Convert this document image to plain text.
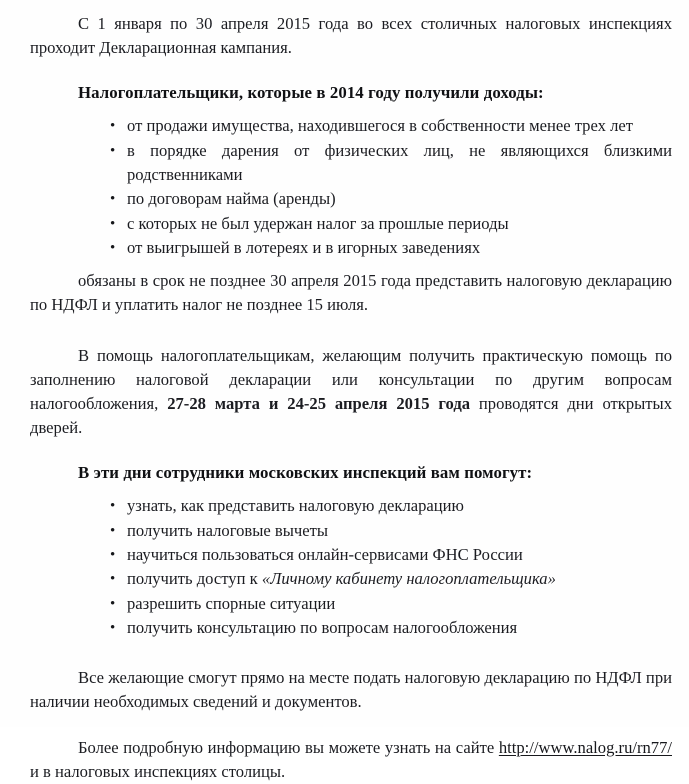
С 1 января по 30 апреля 2015 года во всех столичных налоговых инспекциях проходит Декларационная кампания.

Налогоплательщики, которые в 2014 году получили доходы:
• от продажи имущества, находившегося в собственности менее трех лет
• в порядке дарения от физических лиц, не являющихся близкими родственниками
• по договорам найма (аренды)
• с которых не был удержан налог за прошлые периоды
• от выигрышей в лотереях и в игорных заведениях

обязаны в срок не позднее 30 апреля 2015 года представить налоговую декларацию по НДФЛ и уплатить налог не позднее 15 июля.

В помощь налогоплательщикам, желающим получить практическую помощь по заполнению налоговой декларации или консультации по другим вопросам налогообложения, 27-28 марта и 24-25 апреля 2015 года проводятся дни открытых дверей.

В эти дни сотрудники московских инспекций вам помогут:
• узнать, как представить налоговую декларацию
• получить налоговые вычеты
• научиться пользоваться онлайн-сервисами ФНС России
• получить доступ к «Личному кабинету налогоплательщика»
• разрешить спорные ситуации
• получить консультацию по вопросам налогообложения

Все желающие смогут прямо на месте подать налоговую декларацию по НДФЛ при наличии необходимых сведений и документов.

Более подробную информацию вы можете узнать на сайте http://www.nalog.ru/rn77/ и в налоговых инспекциях столицы.
